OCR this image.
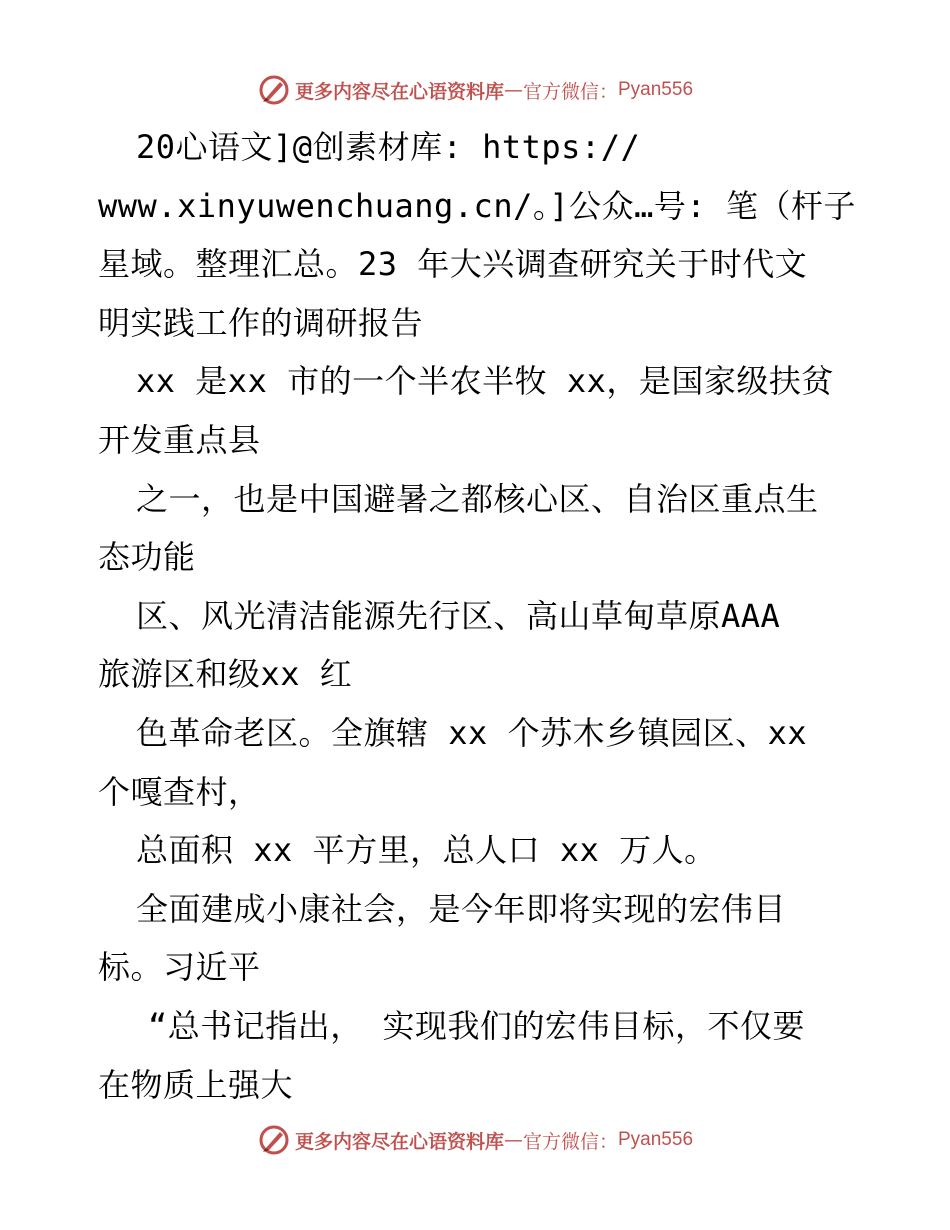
更多内容尽在心语资料库 — 官方微信： Pyan556
20心语文]@创素材库: https://
www.xinyuwenchuang.cn/。]公众…号: 笔（杆子
星域。整理汇总。23 年大兴调查研究关于时代文
明实践工作的调研报告
xx 是xx 市的一个半农半牧 xx，是国家级扶贫
开发重点县
之一，也是中国避暑之都核心区、自治区重点生
态功能
区、风光清洁能源先行区、高山草甸草原AAA
旅游区和级xx 红
色革命老区。全旗辖 xx 个苏木乡镇园区、xx
个嘎查村，
总面积 xx 平方里，总人口 xx 万人。
全面建成小康社会，是今年即将实现的宏伟目
标。习近平
“总书记指出， 实现我们的宏伟目标，不仅要
在物质上强大
更多内容尽在心语资料库 — 官方微信： Pyan556
